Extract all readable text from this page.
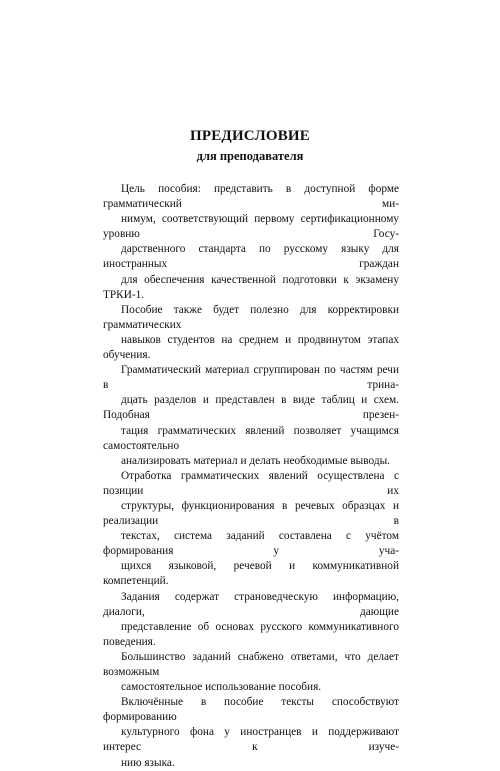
ПРЕДИСЛОВИЕ
для преподавателя

Цель пособия: представить в доступной форме грамматический ми-
нимум, соответствующий первому сертификационному уровню Госу-
дарственного стандарта по русскому языку для иностранных граждан
для обеспечения качественной подготовки к экзамену ТРКИ-1.

Пособие также будет полезно для корректировки грамматических
навыков студентов на среднем и продвинутом этапах обучения.

Грамматический материал сгруппирован по частям речи в трина-
дцать разделов и представлен в виде таблиц и схем. Подобная презен-
тация грамматических явлений позволяет учащимся самостоятельно
анализировать материал и делать необходимые выводы.

Отработка грамматических явлений осуществлена с позиции их
структуры, функционирования в речевых образцах и реализации в
текстах, система заданий составлена с учётом формирования у уча-
щихся языковой, речевой и коммуникативной компетенций.

Задания содержат страноведческую информацию, диалоги, дающие
представление об основах русского коммуникативного поведения.

Большинство заданий снабжено ответами, что делает возможным
самостоятельное использование пособия.

Включённые в пособие тексты способствуют формированию
культурного фона у иностранцев и поддерживают интерес к изуче-
нию языка.
